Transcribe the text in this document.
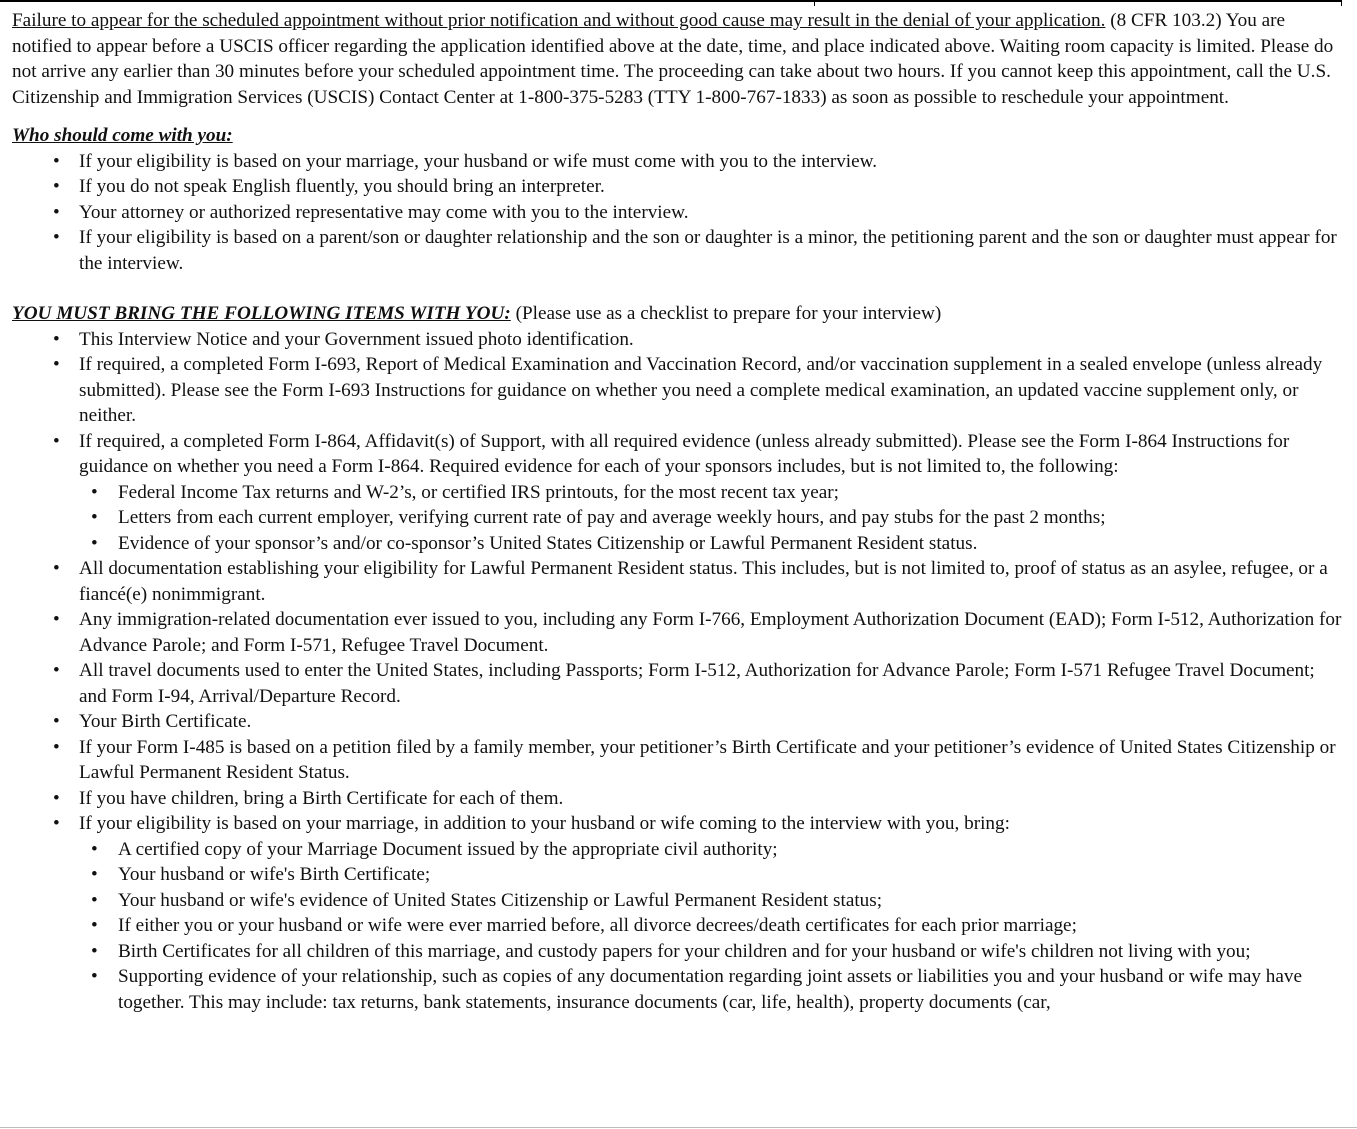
Failure to appear for the scheduled appointment without prior notification and without good cause may result in the denial of your application. (8 CFR 103.2) You are notified to appear before a USCIS officer regarding the application identified above at the date, time, and place indicated above. Waiting room capacity is limited. Please do not arrive any earlier than 30 minutes before your scheduled appointment time. The proceeding can take about two hours. If you cannot keep this appointment, call the U.S. Citizenship and Immigration Services (USCIS) Contact Center at 1-800-375-5283 (TTY 1-800-767-1833) as soon as possible to reschedule your appointment.

Who should come with you:

• If your eligibility is based on your marriage, your husband or wife must come with you to the interview.
• If you do not speak English fluently, you should bring an interpreter.
• Your attorney or authorized representative may come with you to the interview.
• If your eligibility is based on a parent/son or daughter relationship and the son or daughter is a minor, the petitioning parent and the son or daughter must appear for the interview.

YOU MUST BRING THE FOLLOWING ITEMS WITH YOU: (Please use as a checklist to prepare for your interview)

• This Interview Notice and your Government issued photo identification.
• If required, a completed Form I-693, Report of Medical Examination and Vaccination Record, and/or vaccination supplement in a sealed envelope (unless already submitted). Please see the Form I-693 Instructions for guidance on whether you need a complete medical examination, an updated vaccine supplement only, or neither.
• If required, a completed Form I-864, Affidavit(s) of Support, with all required evidence (unless already submitted). Please see the Form I-864 Instructions for guidance on whether you need a Form I-864. Required evidence for each of your sponsors includes, but is not limited to, the following:
• Federal Income Tax returns and W-2’s, or certified IRS printouts, for the most recent tax year;
• Letters from each current employer, verifying current rate of pay and average weekly hours, and pay stubs for the past 2 months;
• Evidence of your sponsor’s and/or co-sponsor’s United States Citizenship or Lawful Permanent Resident status.
• All documentation establishing your eligibility for Lawful Permanent Resident status. This includes, but is not limited to, proof of status as an asylee, refugee, or a fiancé(e) nonimmigrant.
• Any immigration-related documentation ever issued to you, including any Form I-766, Employment Authorization Document (EAD); Form I-512, Authorization for Advance Parole; and Form I-571, Refugee Travel Document.
• All travel documents used to enter the United States, including Passports; Form I-512, Authorization for Advance Parole; Form I-571 Refugee Travel Document; and Form I-94, Arrival/Departure Record.
• Your Birth Certificate.
• If your Form I-485 is based on a petition filed by a family member, your petitioner’s Birth Certificate and your petitioner’s evidence of United States Citizenship or Lawful Permanent Resident Status.
• If you have children, bring a Birth Certificate for each of them.
• If your eligibility is based on your marriage, in addition to your husband or wife coming to the interview with you, bring:
• A certified copy of your Marriage Document issued by the appropriate civil authority;
• Your husband or wife's Birth Certificate;
• Your husband or wife's evidence of United States Citizenship or Lawful Permanent Resident status;
• If either you or your husband or wife were ever married before, all divorce decrees/death certificates for each prior marriage;
• Birth Certificates for all children of this marriage, and custody papers for your children and for your husband or wife's children not living with you;
• Supporting evidence of your relationship, such as copies of any documentation regarding joint assets or liabilities you and your husband or wife may have together. This may include: tax returns, bank statements, insurance documents (car, life, health), property documents (car,
